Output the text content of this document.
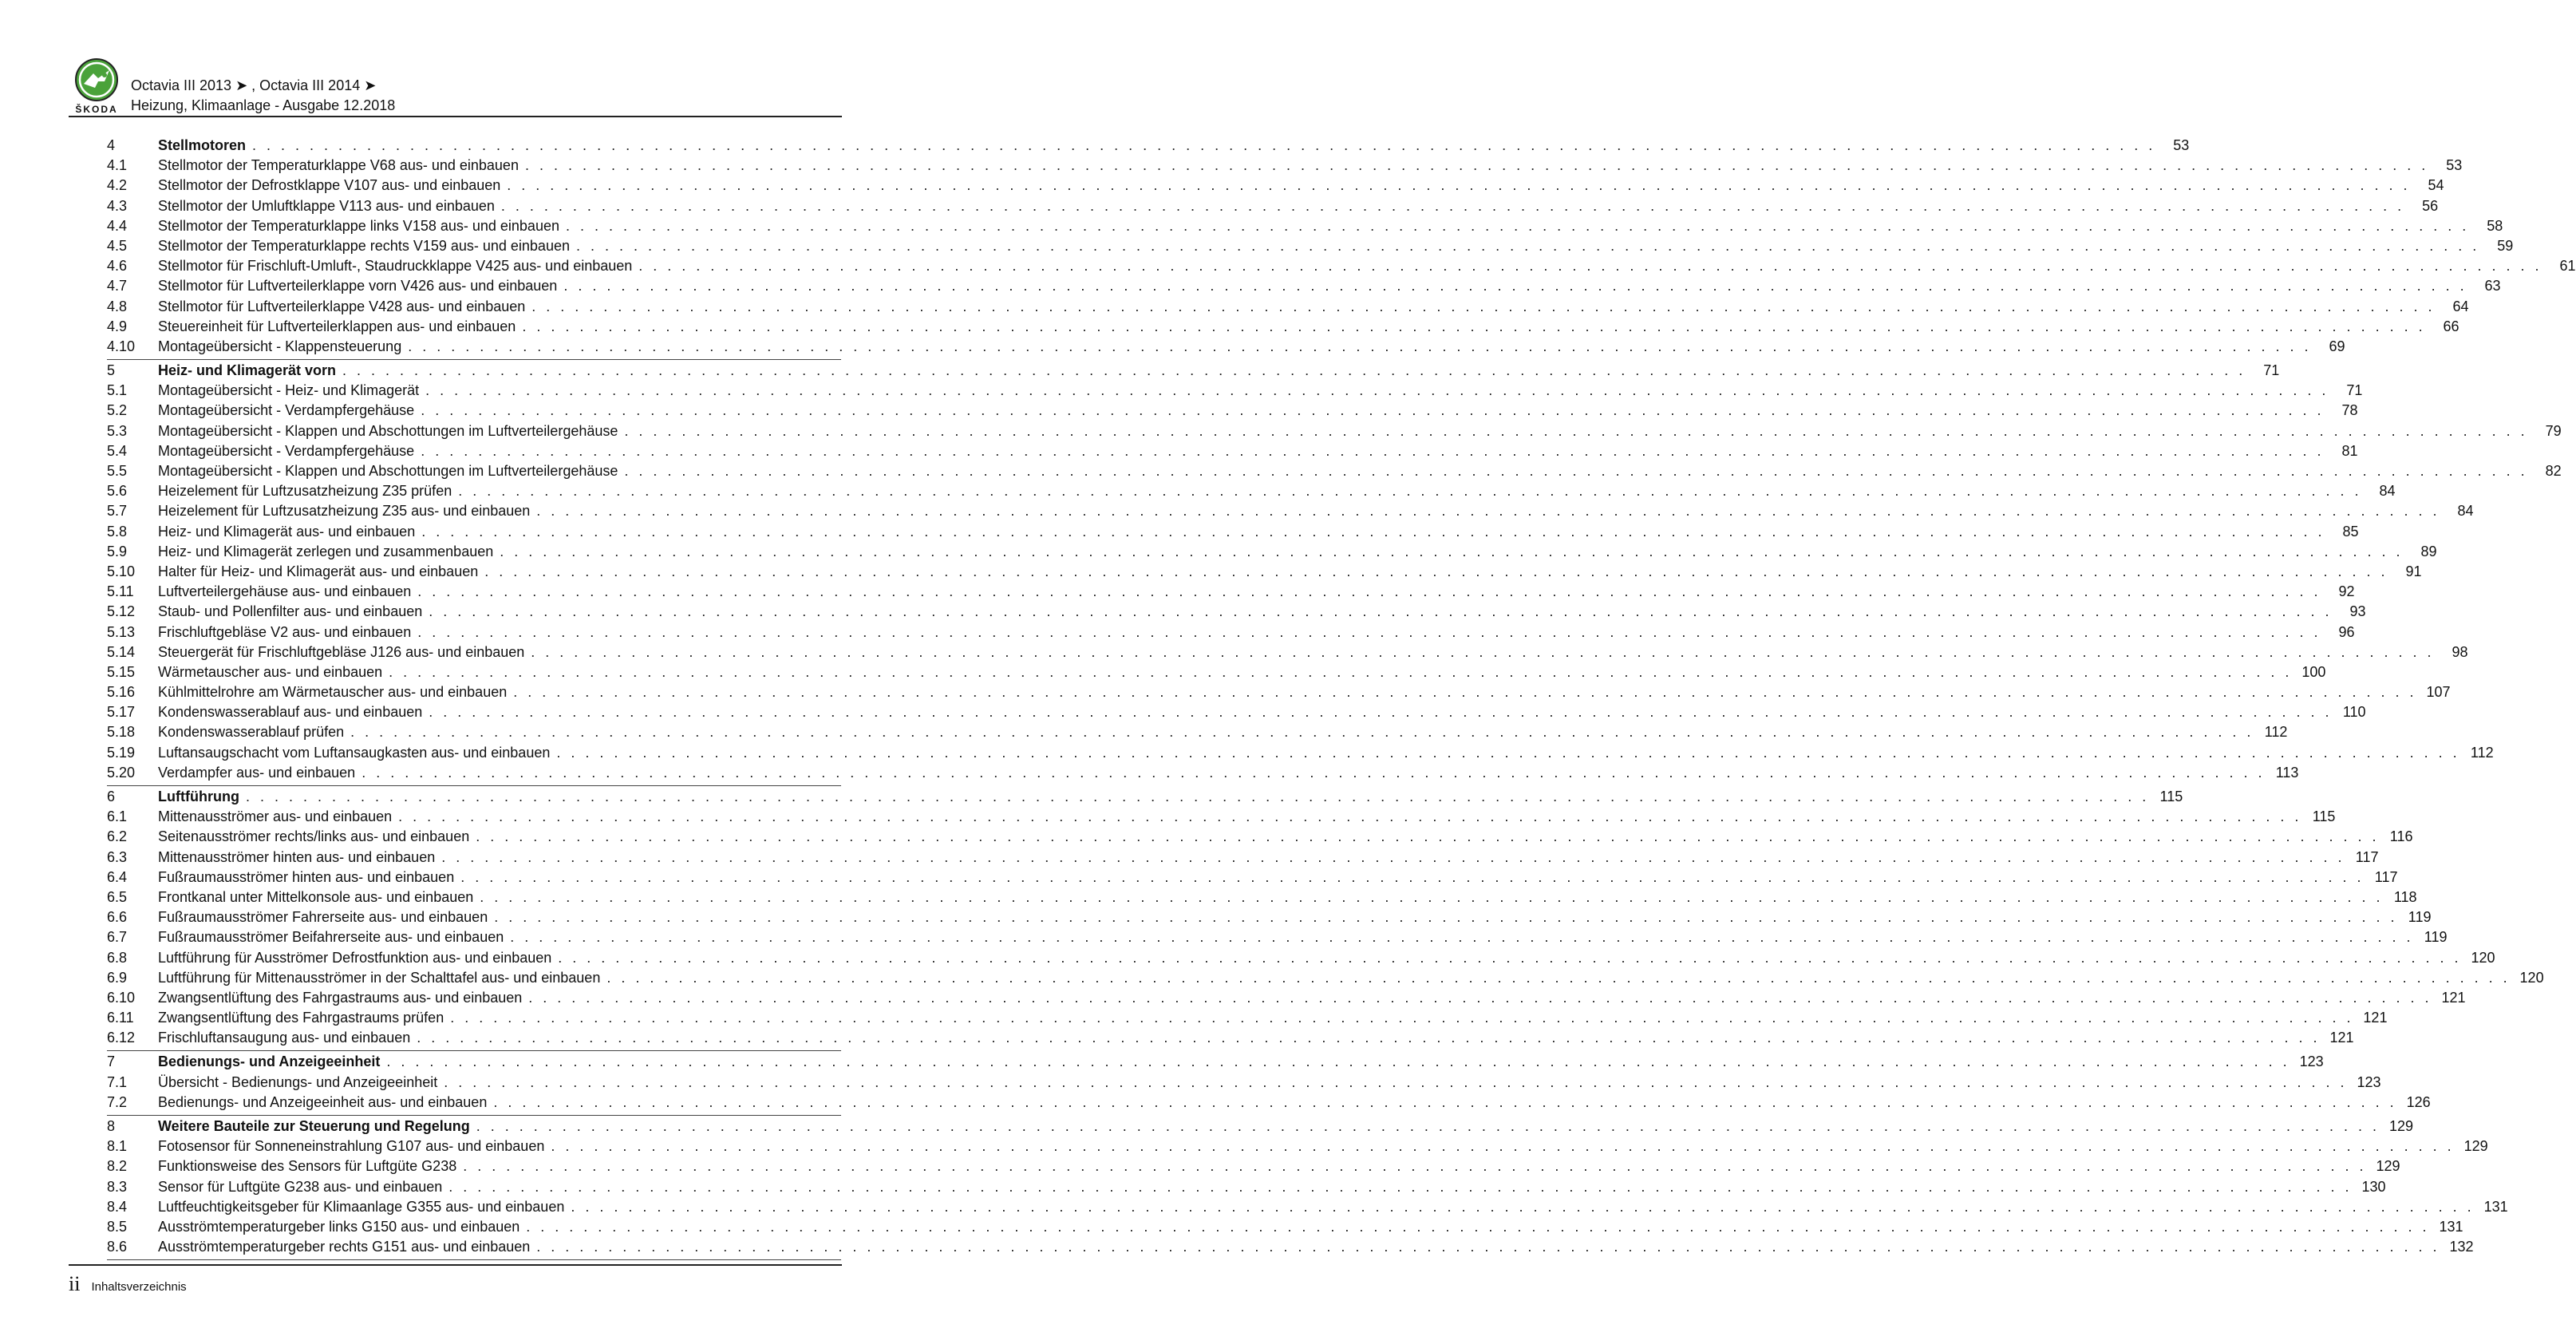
ŠKODA
Octavia III 2013 ➤ , Octavia III 2014 ➤
Heizung, Klimaanlage - Ausgabe 12.2018
4	Stellmotoren . . .	53
4.1	Stellmotor der Temperaturklappe V68 aus- und einbauen . . .	53
4.2	Stellmotor der Defrostklappe V107 aus- und einbauen . . .	54
4.3	Stellmotor der Umluftklappe V113 aus- und einbauen . . .	56
4.4	Stellmotor der Temperaturklappe links V158 aus- und einbauen . . .	58
4.5	Stellmotor der Temperaturklappe rechts V159 aus- und einbauen . . .	59
4.6	Stellmotor für Frischluft-Umluft-, Staudruckklappe V425 aus- und einbauen . . .	61
4.7	Stellmotor für Luftverteilerklappe vorn V426 aus- und einbauen . . .	63
4.8	Stellmotor für Luftverteilerklappe V428 aus- und einbauen . . .	64
4.9	Steuereinheit für Luftverteilerklappen aus- und einbauen . . .	66
4.10	Montageübersicht - Klappensteuerung . . .	69
5	Heiz- und Klimagerät vorn . . .	71
5.1	Montageübersicht - Heiz- und Klimagerät . . .	71
5.2	Montageübersicht - Verdampfergehäuse . . .	78
5.3	Montageübersicht - Klappen und Abschottungen im Luftverteilergehäuse . . .	79
5.4	Montageübersicht - Verdampfergehäuse . . .	81
5.5	Montageübersicht - Klappen und Abschottungen im Luftverteilergehäuse . . .	82
5.6	Heizelement für Luftzusatzheizung Z35 prüfen . . .	84
5.7	Heizelement für Luftzusatzheizung Z35 aus- und einbauen . . .	84
5.8	Heiz- und Klimagerät aus- und einbauen . . .	85
5.9	Heiz- und Klimagerät zerlegen und zusammenbauen . . .	89
5.10	Halter für Heiz- und Klimagerät aus- und einbauen . . .	91
5.11	Luftverteilergehäuse aus- und einbauen . . .	92
5.12	Staub- und Pollenfilter aus- und einbauen . . .	93
5.13	Frischluftgebläse V2 aus- und einbauen . . .	96
5.14	Steuergerät für Frischluftgebläse J126 aus- und einbauen . . .	98
5.15	Wärmetauscher aus- und einbauen . . .	100
5.16	Kühlmittelrohre am Wärmetauscher aus- und einbauen . . .	107
5.17	Kondenswasserablauf aus- und einbauen . . .	110
5.18	Kondenswasserablauf prüfen . . .	112
5.19	Luftansaugschacht vom Luftansaugkasten aus- und einbauen . . .	112
5.20	Verdampfer aus- und einbauen . . .	113
6	Luftführung . . .	115
6.1	Mittenausströmer aus- und einbauen . . .	115
6.2	Seitenausströmer rechts/links aus- und einbauen . . .	116
6.3	Mittenausströmer hinten aus- und einbauen . . .	117
6.4	Fußraumausströmer hinten aus- und einbauen . . .	117
6.5	Frontkanal unter Mittelkonsole aus- und einbauen . . .	118
6.6	Fußraumausströmer Fahrerseite aus- und einbauen . . .	119
6.7	Fußraumausströmer Beifahrerseite aus- und einbauen . . .	119
6.8	Luftführung für Ausströmer Defrostfunktion aus- und einbauen . . .	120
6.9	Luftführung für Mittenausströmer in der Schalttafel aus- und einbauen . . .	120
6.10	Zwangsentlüftung des Fahrgastraums aus- und einbauen . . .	121
6.11	Zwangsentlüftung des Fahrgastraums prüfen . . .	121
6.12	Frischluftansaugung aus- und einbauen . . .	121
7	Bedienungs- und Anzeigeeinheit . . .	123
7.1	Übersicht - Bedienungs- und Anzeigeeinheit . . .	123
7.2	Bedienungs- und Anzeigeeinheit aus- und einbauen . . .	126
8	Weitere Bauteile zur Steuerung und Regelung . . .	129
8.1	Fotosensor für Sonneneinstrahlung G107 aus- und einbauen . . .	129
8.2	Funktionsweise des Sensors für Luftgüte G238 . . .	129
8.3	Sensor für Luftgüte G238 aus- und einbauen . . .	130
8.4	Luftfeuchtigkeitsgeber für Klimaanlage G355 aus- und einbauen . . .	131
8.5	Ausströmtemperaturgeber links G150 aus- und einbauen . . .	131
8.6	Ausströmtemperaturgeber rechts G151 aus- und einbauen . . .	132
ii Inhaltsverzeichnis
